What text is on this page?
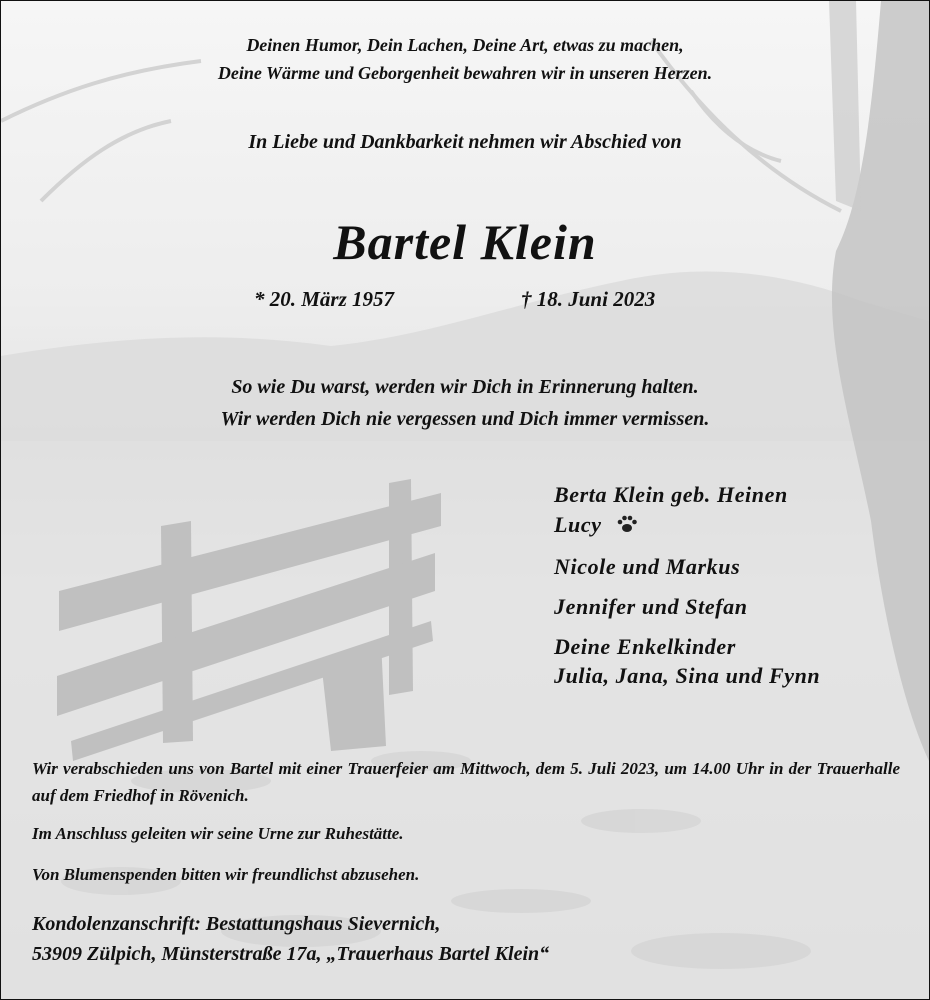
Deinen Humor, Dein Lachen, Deine Art, etwas zu machen,
Deine Wärme und Geborgenheit bewahren wir in unseren Herzen.
In Liebe und Dankbarkeit nehmen wir Abschied von
Bartel Klein
* 20. März 1957	† 18. Juni 2023
So wie Du warst, werden wir Dich in Erinnerung halten.
Wir werden Dich nie vergessen und Dich immer vermissen.
Berta Klein geb. Heinen
Lucy
Nicole und Markus
Jennifer und Stefan
Deine Enkelkinder
Julia, Jana, Sina und Fynn
Wir verabschieden uns von Bartel mit einer Trauerfeier am Mittwoch, dem 5. Juli 2023, um 14.00 Uhr in der Trauerhalle auf dem Friedhof in Rövenich.
Im Anschluss geleiten wir seine Urne zur Ruhestätte.
Von Blumenspenden bitten wir freundlichst abzusehen.
Kondolenzanschrift: Bestattungshaus Sievernich,
53909 Zülpich, Münsterstraße 17a, „Trauerhaus Bartel Klein“
